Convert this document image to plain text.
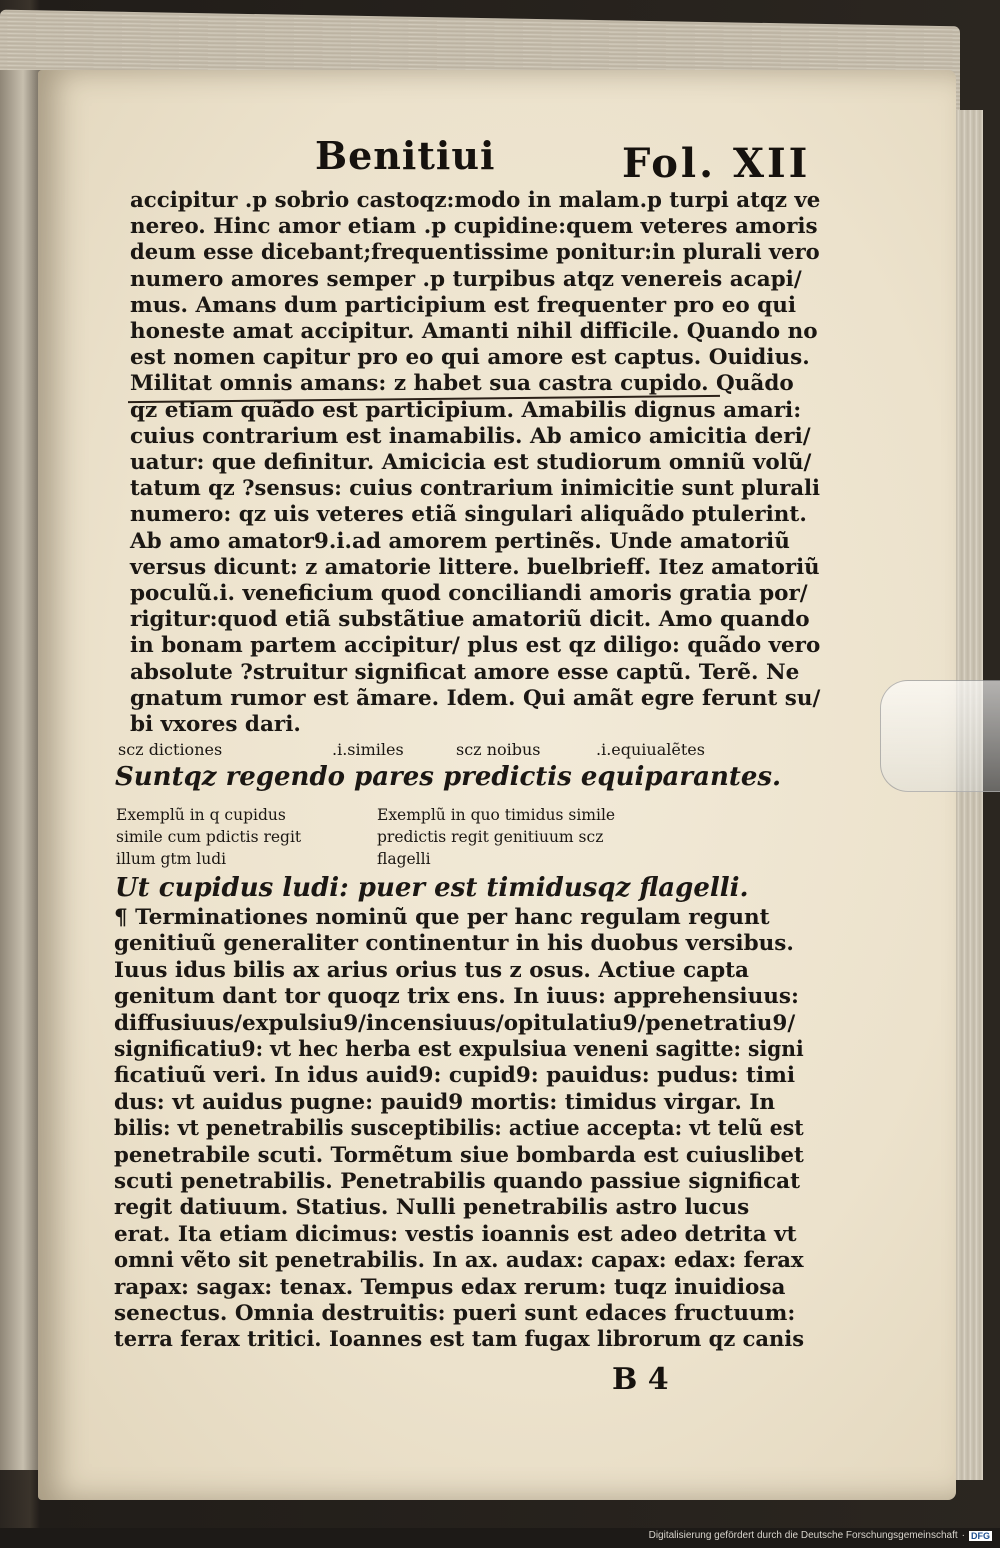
Benitiui	Fol. XII
accipitur .p sobrio castoqz:modo in malam.p turpi atqz ve
nereo. Hinc amor etiam .p cupidine:quem veteres amoris
deum esse dicebant;frequentissime ponitur:in plurali vero
numero amores semper .p turpibus atqz venereis acapi/
mus. Amans dum participium est frequenter pro eo qui
honeste amat accipitur. Amanti nihil difficile. Quando no
est nomen capitur pro eo qui amore est captus. Ouidius.
Militat omnis amans: z habet sua castra cupido. Quãdo
qz etiam quãdo est participium. Amabilis dignus amari:
cuius contrarium est inamabilis. Ab amico amicitia deri/
uatur: que definitur. Amicicia est studiorum omniũ volũ/
tatum qz ?sensus: cuius contrarium inimicitie sunt plurali
numero: qz uis veteres etiã singulari aliquãdo ptulerint.
Ab amo amator9.i.ad amorem pertinẽs. Unde amatoriũ
versus dicunt: z amatorie littere. buelbrieff. Itez amatoriũ
poculũ.i. veneficium quod conciliandi amoris gratia por/
rigitur:quod etiã substãtiue amatoriũ dicit. Amo quando
in bonam partem accipitur/ plus est qz diligo: quãdo vero
absolute ?struitur significat amore esse captũ. Terẽ. Ne
gnatum rumor est ãmare. Idem. Qui amãt egre ferunt su/
bi vxores dari.
scz dictiones	.i.similes	scz noibus	.i.equiualẽtes
Suntqz regendo pares predictis equiparantes.
Exemplũ in q cupidus
simile cum pdictis regit
illum gtm ludi
Exemplũ in quo timidus simile
predictis regit genitiuum scz
flagelli
Ut cupidus ludi: puer est timidusqz flagelli.
¶ Terminationes nominũ que per hanc regulam regunt
genitiuũ generaliter continentur in his duobus versibus.
Iuus idus bilis ax arius orius tus z osus. Actiue capta
genitum dant tor quoqz trix ens. In iuus: apprehensiuus:
diffusiuus/expulsiu9/incensiuus/opitulatiu9/penetratiu9/
significatiu9: vt hec herba est expulsiua veneni sagitte: signi
ficatiuũ veri. In idus auid9: cupid9: pauidus: pudus: timi
dus: vt auidus pugne: pauid9 mortis: timidus virgar. In
bilis: vt penetrabilis susceptibilis: actiue accepta: vt telũ est
penetrabile scuti. Tormẽtum siue bombarda est cuiuslibet
scuti penetrabilis. Penetrabilis quando passiue significat
regit datiuum. Statius. Nulli penetrabilis astro lucus
erat. Ita etiam dicimus: vestis ioannis est adeo detrita vt
omni vẽto sit penetrabilis. In ax. audax: capax: edax: ferax
rapax: sagax: tenax. Tempus edax rerum: tuqz inuidiosa
senectus. Omnia destruitis: pueri sunt edaces fructuum:
terra ferax tritici. Ioannes est tam fugax librorum qz canis
B 4
Digitalisierung gefördert durch die Deutsche Forschungsgemeinschaft · DFG
